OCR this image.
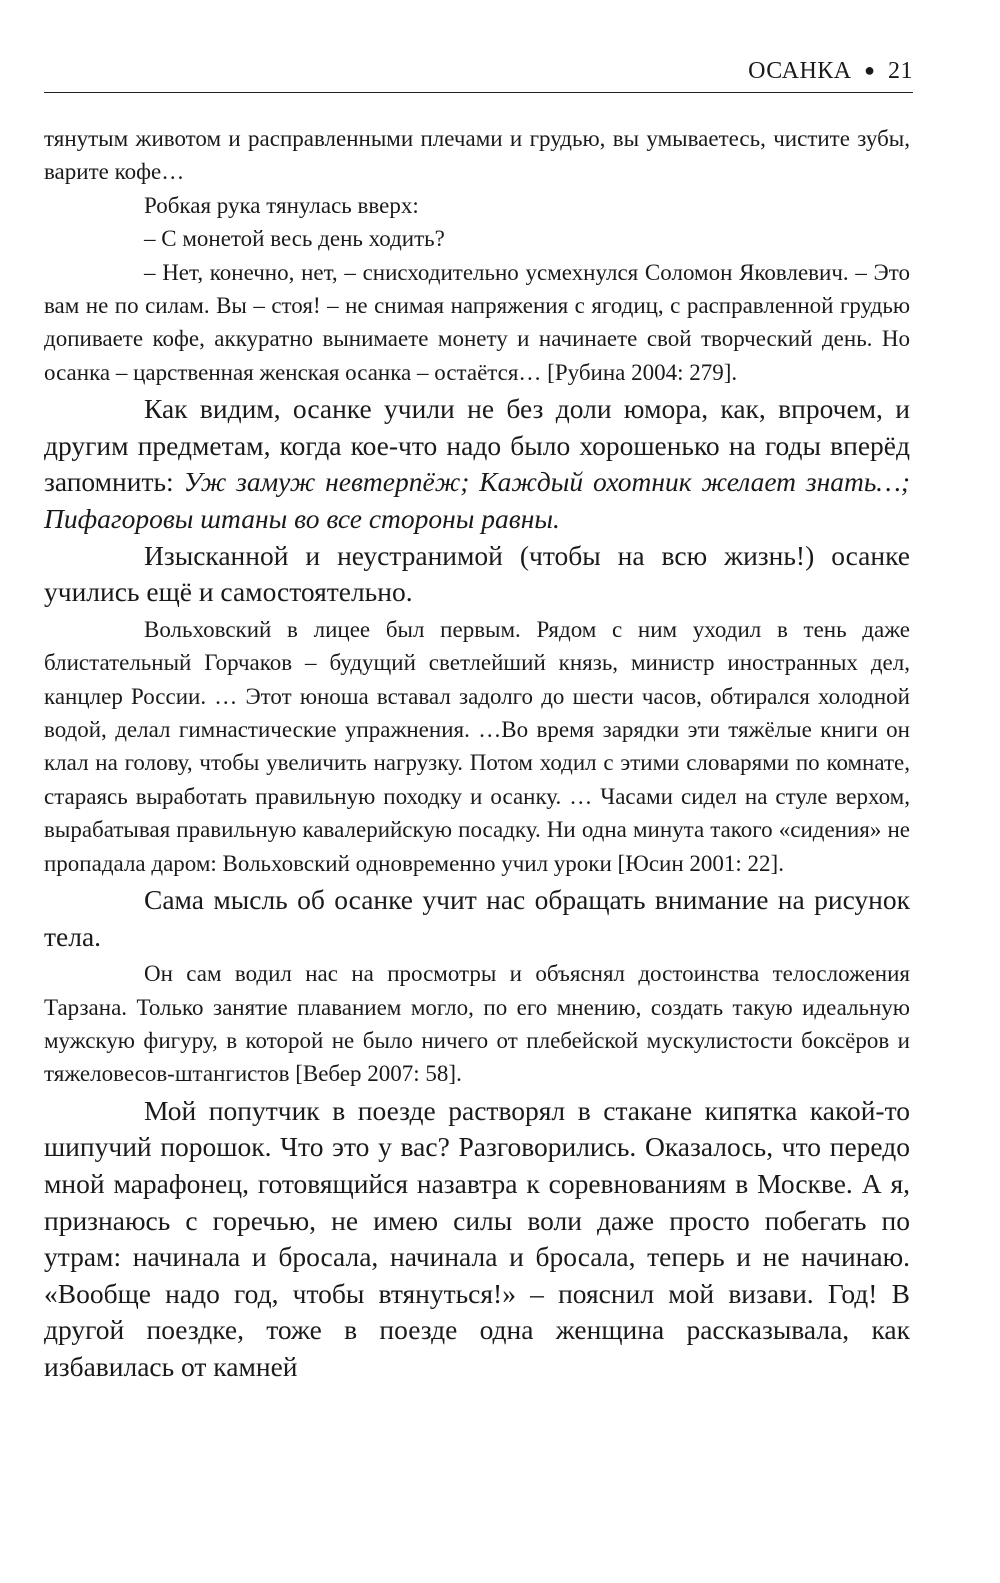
ОСАНКА ● 21

тянутым животом и расправленными плечами и грудью, вы умываетесь, чистите зубы, варите кофе…

Робкая рука тянулась вверх:

– С монетой весь день ходить?

– Нет, конечно, нет, – снисходительно усмехнулся Соломон Яковлевич. – Это вам не по силам. Вы – стоя! – не снимая напряжения с ягодиц, с расправленной грудью допиваете кофе, аккуратно вынимаете монету и начинаете свой творческий день. Но осанка – царственная женская осанка – остаётся… [Рубина 2004: 279].

Как видим, осанке учили не без доли юмора, как, впрочем, и другим предметам, когда кое-что надо было хорошенько на годы вперёд запомнить: Уж замуж невтерпёж; Каждый охотник желает знать…; Пифагоровы штаны во все стороны равны.

Изысканной и неустранимой (чтобы на всю жизнь!) осанке учились ещё и самостоятельно.

Вольховский в лицее был первым. Рядом с ним уходил в тень даже блистательный Горчаков – будущий светлейший князь, министр иностранных дел, канцлер России. … Этот юноша вставал задолго до шести часов, обтирался холодной водой, делал гимнастические упражнения. …Во время зарядки эти тяжёлые книги он клал на голову, чтобы увеличить нагрузку. Потом ходил с этими словарями по комнате, стараясь выработать правильную походку и осанку. … Часами сидел на стуле верхом, вырабатывая правильную кавалерийскую посадку. Ни одна минута такого «сидения» не пропадала даром: Вольховский одновременно учил уроки [Юсин 2001: 22].

Сама мысль об осанке учит нас обращать внимание на рисунок тела.

Он сам водил нас на просмотры и объяснял достоинства телосложения Тарзана. Только занятие плаванием могло, по его мнению, создать такую идеальную мужскую фигуру, в которой не было ничего от плебейской мускулистости боксёров и тяжеловесов-штангистов [Вебер 2007: 58].

Мой попутчик в поезде растворял в стакане кипятка какой-то шипучий порошок. Что это у вас? Разговорились. Оказалось, что передо мной марафонец, готовящийся назавтра к соревнованиям в Москве. А я, признаюсь с горечью, не имею силы воли даже просто побегать по утрам: начинала и бросала, начинала и бросала, теперь и не начинаю. «Вообще надо год, чтобы втянуться!» – пояснил мой визави. Год! В другой поездке, тоже в поезде одна женщина рассказывала, как избавилась от камней
